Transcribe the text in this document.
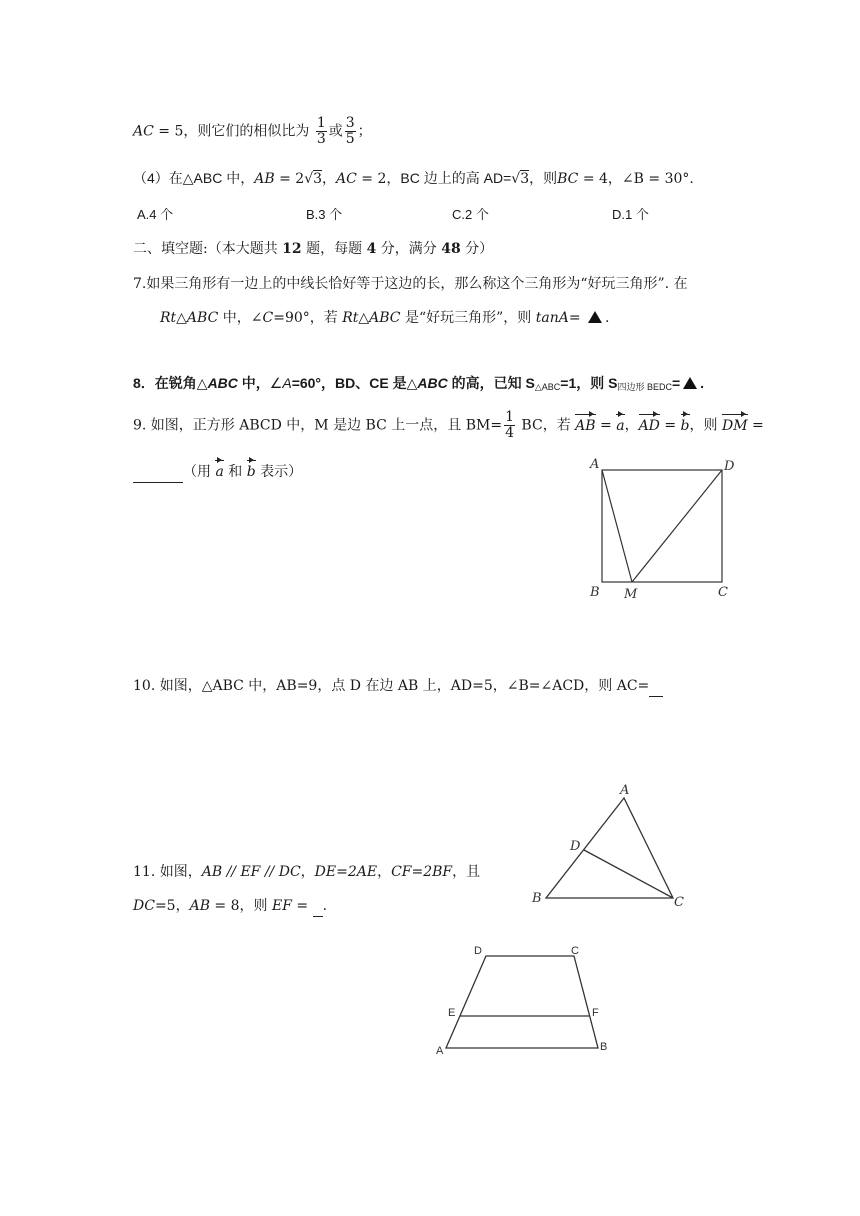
AC = 5，则它们的相似比为 $\frac{1}{3}$ 或 $\frac{3}{5}$ ；
（4）在△ABC 中，AB = 2√3，AC = 2，BC 边上的高 AD=√3，则BC = 4，∠B = 30°.
A.4 个	B.3 个	C.2 个	D.1 个
二、填空题:（本大题共 12 题，每题 4 分，满分 48 分）
7.如果三角形有一边上的中线长恰好等于这边的长，那么称这个三角形为“好玩三角形”. 在
Rt△ABC 中，∠C=90°，若 Rt△ABC 是“好玩三角形”，则 tanA= .
8．在锐角△ABC 中，∠A=60°，BD、CE 是△ABC 的高，已知 $S_{\triangle ABC}=1$，则 $S_{四边形 BEDC}=$ .
9. 如图，正方形 ABCD 中，M 是边 BC 上一点，且 $BM= \frac{1}{4}$ BC，若 AB = a，AD = b，则 DM =
（用 a 和 b 表示）	A	D
B M	C
10. 如图，△ABC 中，AB=9，点 D 在边 AB 上，AD=5，∠B=∠ACD，则 AC=
A
D
B	C
11. 如图，AB // EF // DC，DE=2AE，CF=2BF，且
DC=5，AB = 8，则 EF =  .
D	C
E	F
A	B
